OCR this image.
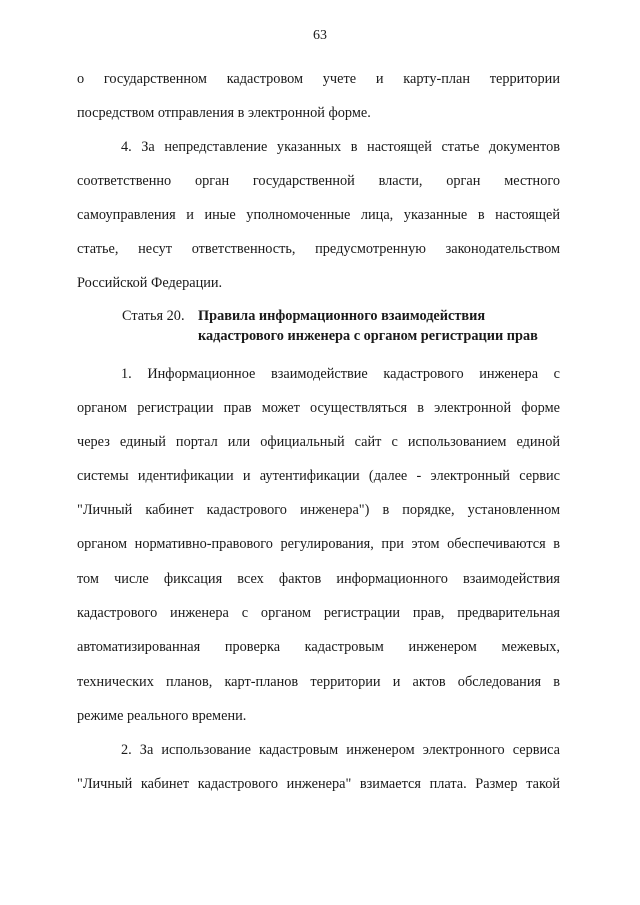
63
о государственном кадастровом учете и карту-план территории
посредством отправления в электронной форме.
4. За непредставление указанных в настоящей статье документов
соответственно орган государственной власти, орган местного
самоуправления и иные уполномоченные лица, указанные в настоящей
статье, несут ответственность, предусмотренную законодательством
Российской Федерации.
Статья 20. Правила информационного взаимодействия
кадастрового инженера с органом регистрации прав
1. Информационное взаимодействие кадастрового инженера с
органом регистрации прав может осуществляться в электронной форме
через единый портал или официальный сайт с использованием единой
системы идентификации и аутентификации (далее - электронный сервис
"Личный кабинет кадастрового инженера") в порядке, установленном
органом нормативно-правового регулирования, при этом обеспечиваются в
том числе фиксация всех фактов информационного взаимодействия
кадастрового инженера с органом регистрации прав, предварительная
автоматизированная проверка кадастровым инженером межевых,
технических планов, карт-планов территории и актов обследования в
режиме реального времени.
2. За использование кадастровым инженером электронного сервиса
"Личный кабинет кадастрового инженера" взимается плата. Размер такой
